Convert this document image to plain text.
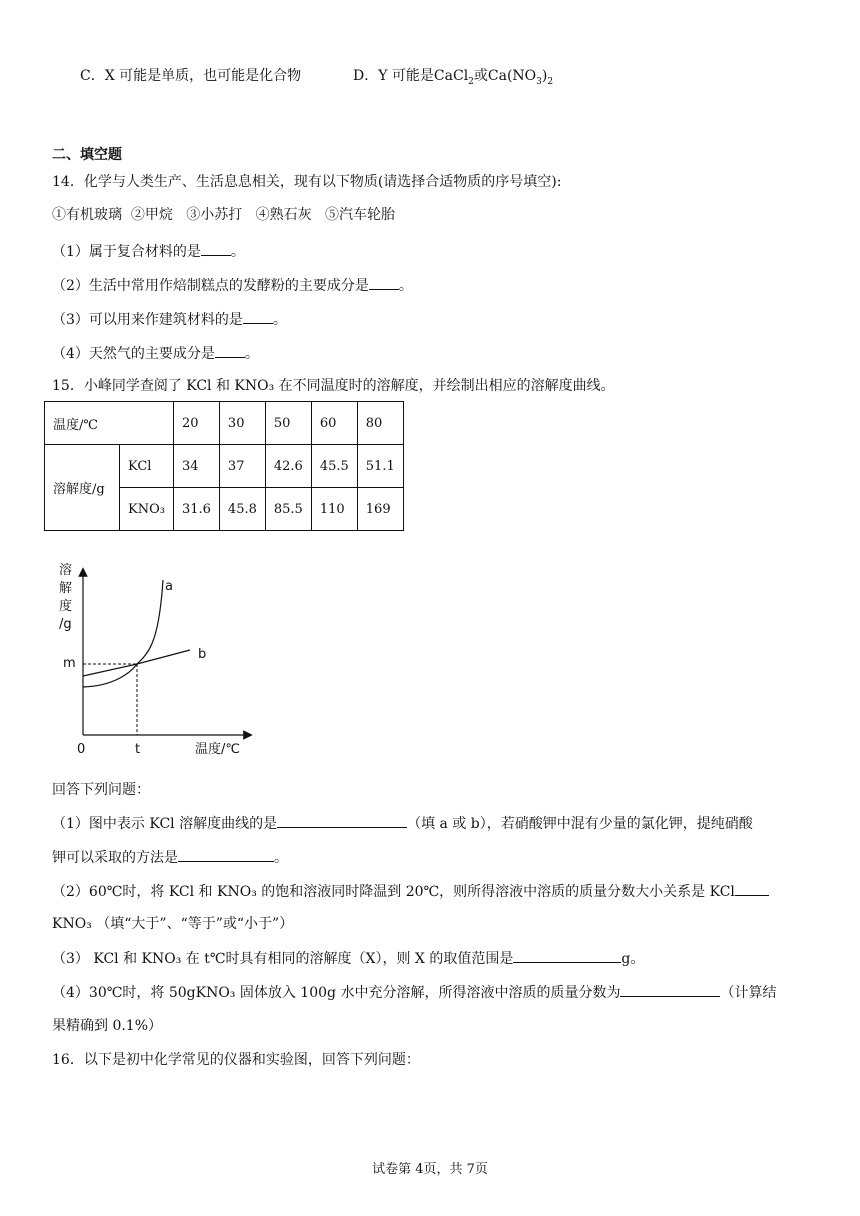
C．X 可能是单质，也可能是化合物	D．Y 可能是CaCl$_2$或$Ca(NO_3)_2$
二、填空题
14．化学与人类生产、生活息息相关，现有以下物质(请选择合适物质的序号填空):
①有机玻璃  ②甲烷   ③小苏打   ④熟石灰   ⑤汽车轮胎
（1）属于复合材料的是 。
（2）生活中常用作焙制糕点的发酵粉的主要成分是 。
（3）可以用来作建筑材料的是 。
（4）天然气的主要成分是 。
15．小峰同学查阅了 KCl 和 KNO₃ 在不同温度时的溶解度，并绘制出相应的溶解度曲线。
温度/℃		20	30	50	60	80
溶解度/g	KCl	34	37	42.6	45.5	51.1
	KNO₃	31.6	45.8	85.5	110	169
溶
解
度
/g
m
0	t	温度/℃
a
b
回答下列问题：
（1）图中表示 KCl 溶解度曲线的是	（填 a 或 b），若硝酸钾中混有少量的氯化钾，提纯硝酸
钾可以采取的方法是	。
（2）60℃时，将 KCl 和 KNO₃ 的饱和溶液同时降温到 20℃，则所得溶液中溶质的质量分数大小关系是 KCl
KNO₃ （填“大于”、“等于”或“小于”）
（3） KCl 和 KNO₃ 在 t℃时具有相同的溶解度（X），则 X 的取值范围是	g。
（4）30℃时，将 50gKNO₃ 固体放入 100g 水中充分溶解，所得溶液中溶质的质量分数为	（计算结
果精确到 0.1%）
16．以下是初中化学常见的仪器和实验图，回答下列问题：
试卷第 4页，共 7页
